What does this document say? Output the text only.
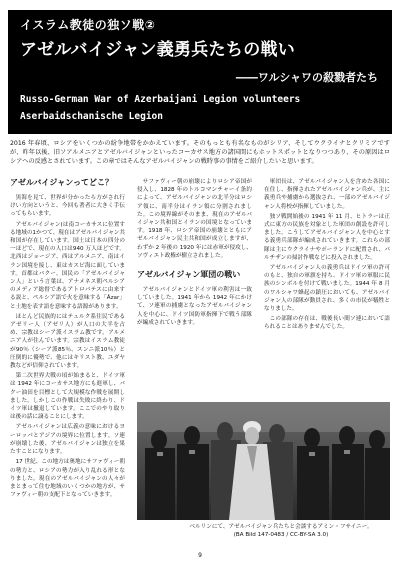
イスラム教徒の独ソ戦②
アゼルバイジャン義勇兵たちの戦い
――ワルシャワの殺戮者たち
Russo-German War of Azerbaijani Legion volunteers
Aserbaidschanische Legion
2016 年春頃、ロシアをいくつかの紛争地帯をかかえています。そのもっとも有名なものがシリア、そしてウクライナとクリミアですが、昨年以後、旧ソアルメニアとアゼルバイジャンといったコーカサス地方の諸国間にもホットスポットとなりつつあり、その原因はロシアへの反感とされています。この章ではそんなアゼルバイジャンの戦時事の事情をご紹介したいと思います。
アゼルバイジャンってどこ？

黒海を見て、世界が分かったら方がされ行けい方向というと、今回も著者に大きく手伝ってもらいます。

アゼルバイジャン(は南コーカサスに位置する地域の1かつて、現在はアゼルバイジャン共和国が存在しています。国土は日本の四分の一ほどで、現在の人口は940 万人ほどです。北西はジョージア、西はアルメニア、南はイラン国境を接し、東はカスピ海に面しています。首都はバクー。国民の「アゼルバイジャン人」という言葉は、アナメネス朝ペルシアのメディア総督であるアトロパテスに由来する説と、ペルシア語で火を意味する「Âzar」と土地を表す語を意味する語源があります。

ほとんど民族的にはテュルク系住民であるアゼリー人（アゼリ人）が人口の大半を占め、宗教はシーア派イスラム教です。アルメニア人が住んでいます。宗教はイスラム教徒が90％（シーア派85％、スンニ派10％）と圧倒的に優勢で、他にはキリスト教、ユダヤ教などが信仰されています。

第二次世界大戦の頃が始まると、ドイツ軍は 1942 年にコーカサス地方にも進軍し、バクー油田を目標として大規模な作戦を展開しました。しかしこの作戦は失敗に終わり、ドイツ軍は撤退しています。ここでのやり取りは後の話に譲ることにします。

アゼルバイジャンは広義の意味におけるヨーロッパとアジアの境界に位置します。ソ連が崩壊した後、アゼルバイジャンは独立を果たすことになります。

17 世紀、この地方は奥地にサファヴィー朝の勢力と、ロシアの勢力が入り乱れる形となりました。現在のアゼルバイジャンの人々がまとまって住む地域のいくつかの地方が、サファヴィー朝の支配下となっていきます。

サファヴィー朝の崩壊によりロシア帝国が侵入し、1828 年のトルコマンチャーイ条約によって、アゼルバイジャンの北半分はロシア領に、南半分はイラン領に分割されました。この境界線がそのまま、現在のアゼルバイジャン共和国とイランの国境となっています。1918 年、ロシア帝国の崩壊とともにアゼルバイジャン民主共和国が成立しますが、わずか 2 年後の 1920 年には赤軍が侵攻し、ソヴィエト政権が樹立されました。

アゼルバイジャン軍団の戦い

アゼルバイジャンとドイツ軍の利害は一致していました。1941 年から 1942 年にかけて、ソ連軍の捕虜となったアゼルバイジャン人を中心に、ドイツ国防軍指揮下で戦う部隊が編成されていきます。

軍団長は、アゼルバイジャン人を含めた各国に在住し、指揮されたアゼルバイジャン兵が、主に義勇兵や捕虜から選抜され、一部のアゼルバイジャン人将校が指揮していました。

独ソ戦開始後の 1941 年 11 月、ヒトラーは正式に東方の民族を対象とした軍団の創設を許可しました。こうしてアゼルバイジャン人を中心とする義勇兵部隊が編成されていきます。これらの部隊は主にウクライナやポーランドに配置され、パルチザンの掃討作戦などに投入されました。

アゼルバイジャン人の義勇兵はドイツ軍の許可のもと、独自の軍旗を持ち、ドイツ軍の軍服に民族のシンボルを付けて戦いました。1944 年 8 月のワルシャワ蜂起の鎮圧においても、アゼルバイジャン人の部隊が動員され、多くの市民が犠牲となりました。

この部隊の存在は、戦後長い間ソ連において語られることはありませんでした。

ベルリンにて、アゼルバイジャン兵たちと会談するアミン・フサイニー。
(BA Bild 147-0483 / CC-BY-SA 3.0)
9
